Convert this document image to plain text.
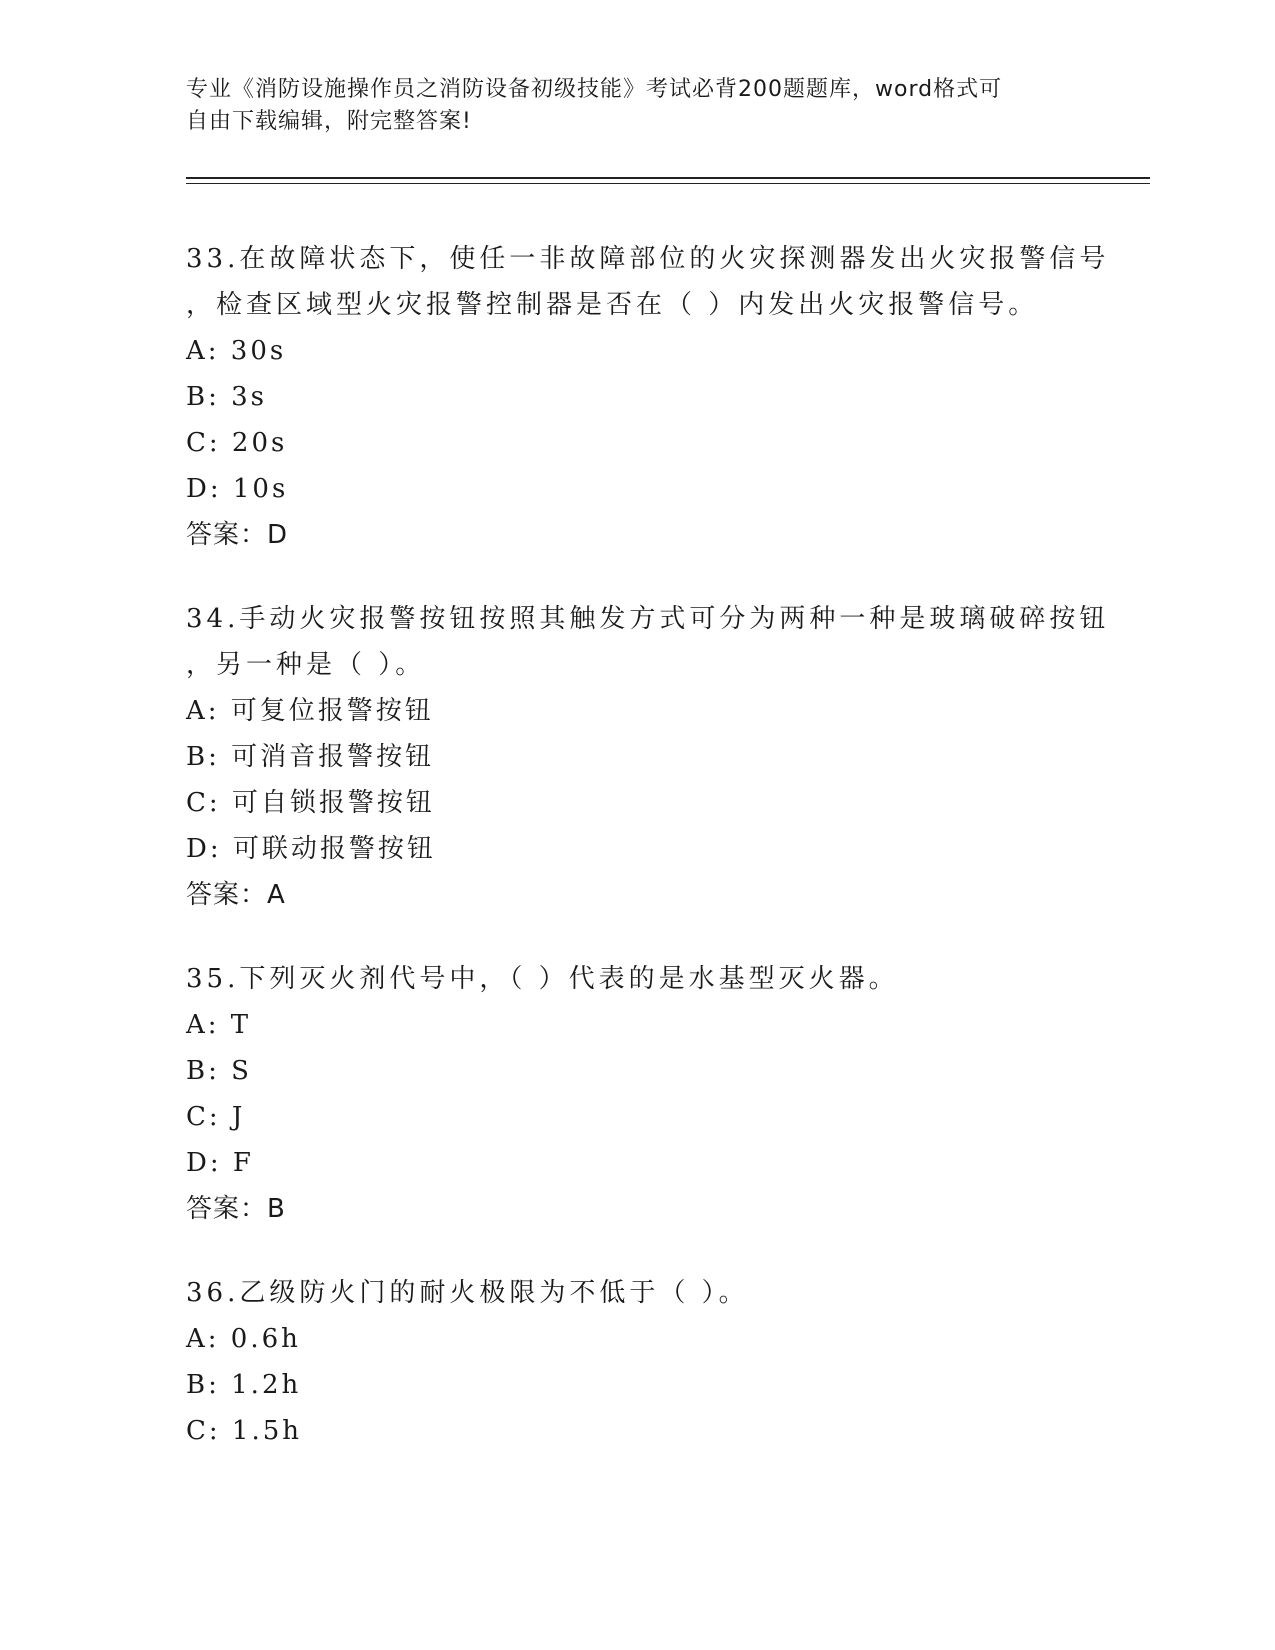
专业《消防设施操作员之消防设备初级技能》考试必背200题题库，word格式可
自由下载编辑，附完整答案!
33.在故障状态下，使任一非故障部位的火灾探测器发出火灾报警信号
，检查区域型火灾报警控制器是否在（ ）内发出火灾报警信号。
A: 30s
B: 3s
C: 20s
D: 10s
答案：D
34.手动火灾报警按钮按照其触发方式可分为两种一种是玻璃破碎按钮
，另一种是（ ）。
A: 可复位报警按钮
B: 可消音报警按钮
C: 可自锁报警按钮
D: 可联动报警按钮
答案：A
35.下列灭火剂代号中，（ ）代表的是水基型灭火器。
A: T
B: S
C: J
D: F
答案：B
36.乙级防火门的耐火极限为不低于（ ）。
A: 0.6h
B: 1.2h
C: 1.5h
